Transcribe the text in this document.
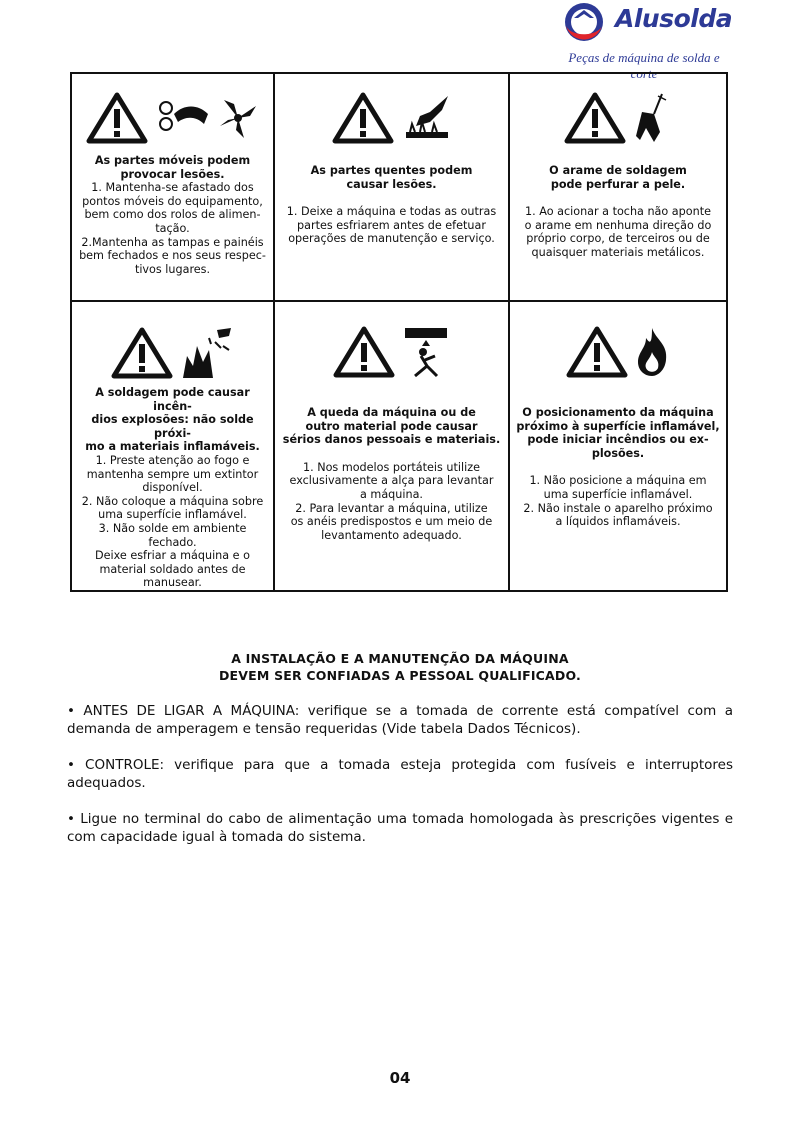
Alusolda
Peças de máquina de solda e corte
As partes móveis podem
provocar lesões.
1. Mantenha-se afastado dos
pontos móveis do equipamento,
bem como dos rolos de alimen-
tação.
2.Mantenha as tampas e painéis
bem fechados e nos seus respec-
tivos lugares.
As partes quentes podem
causar lesões.
1. Deixe a máquina e todas as outras
partes esfriarem antes de efetuar
operações de manutenção e serviço.
O arame de soldagem
pode perfurar a pele.
1. Ao acionar a tocha não aponte
o arame em nenhuma direção do
próprio corpo, de terceiros ou de
quaisquer materiais metálicos.
A soldagem pode causar incên-
dios explosões: não solde próxi-
mo a materiais inflamáveis.
1. Preste atenção ao fogo e
mantenha sempre um extintor
disponível.
2. Não coloque a máquina sobre
uma superfície inflamável.
3. Não solde em ambiente
fechado.
Deixe esfriar a máquina e o
material soldado antes de
manusear.
A queda da máquina ou de
outro material pode causar
sérios danos pessoais e materiais.
1. Nos modelos portáteis utilize
exclusivamente a alça para levantar
a máquina.
2. Para levantar a máquina, utilize
os anéis predispostos e um meio de
levantamento adequado.
O posicionamento da máquina
próximo à superfície inflamável,
pode iniciar incêndios ou ex-
plosões.
1. Não posicione a máquina em
uma superfície inflamável.
2. Não instale o aparelho próximo
a líquidos inflamáveis.
A INSTALAÇÃO E A MANUTENÇÃO DA MÁQUINA
DEVEM SER CONFIADAS A PESSOAL QUALIFICADO.
• ANTES DE LIGAR A MÁQUINA: verifique se a tomada de corrente está compatível com a demanda de amperagem e tensão requeridas (Vide tabela Dados Técnicos).
• CONTROLE: verifique para que a tomada esteja protegida com fusíveis e interruptores adequados.
• Ligue no terminal do cabo de alimentação uma tomada homologada às prescrições vigentes e com capacidade igual à tomada do sistema.
04
